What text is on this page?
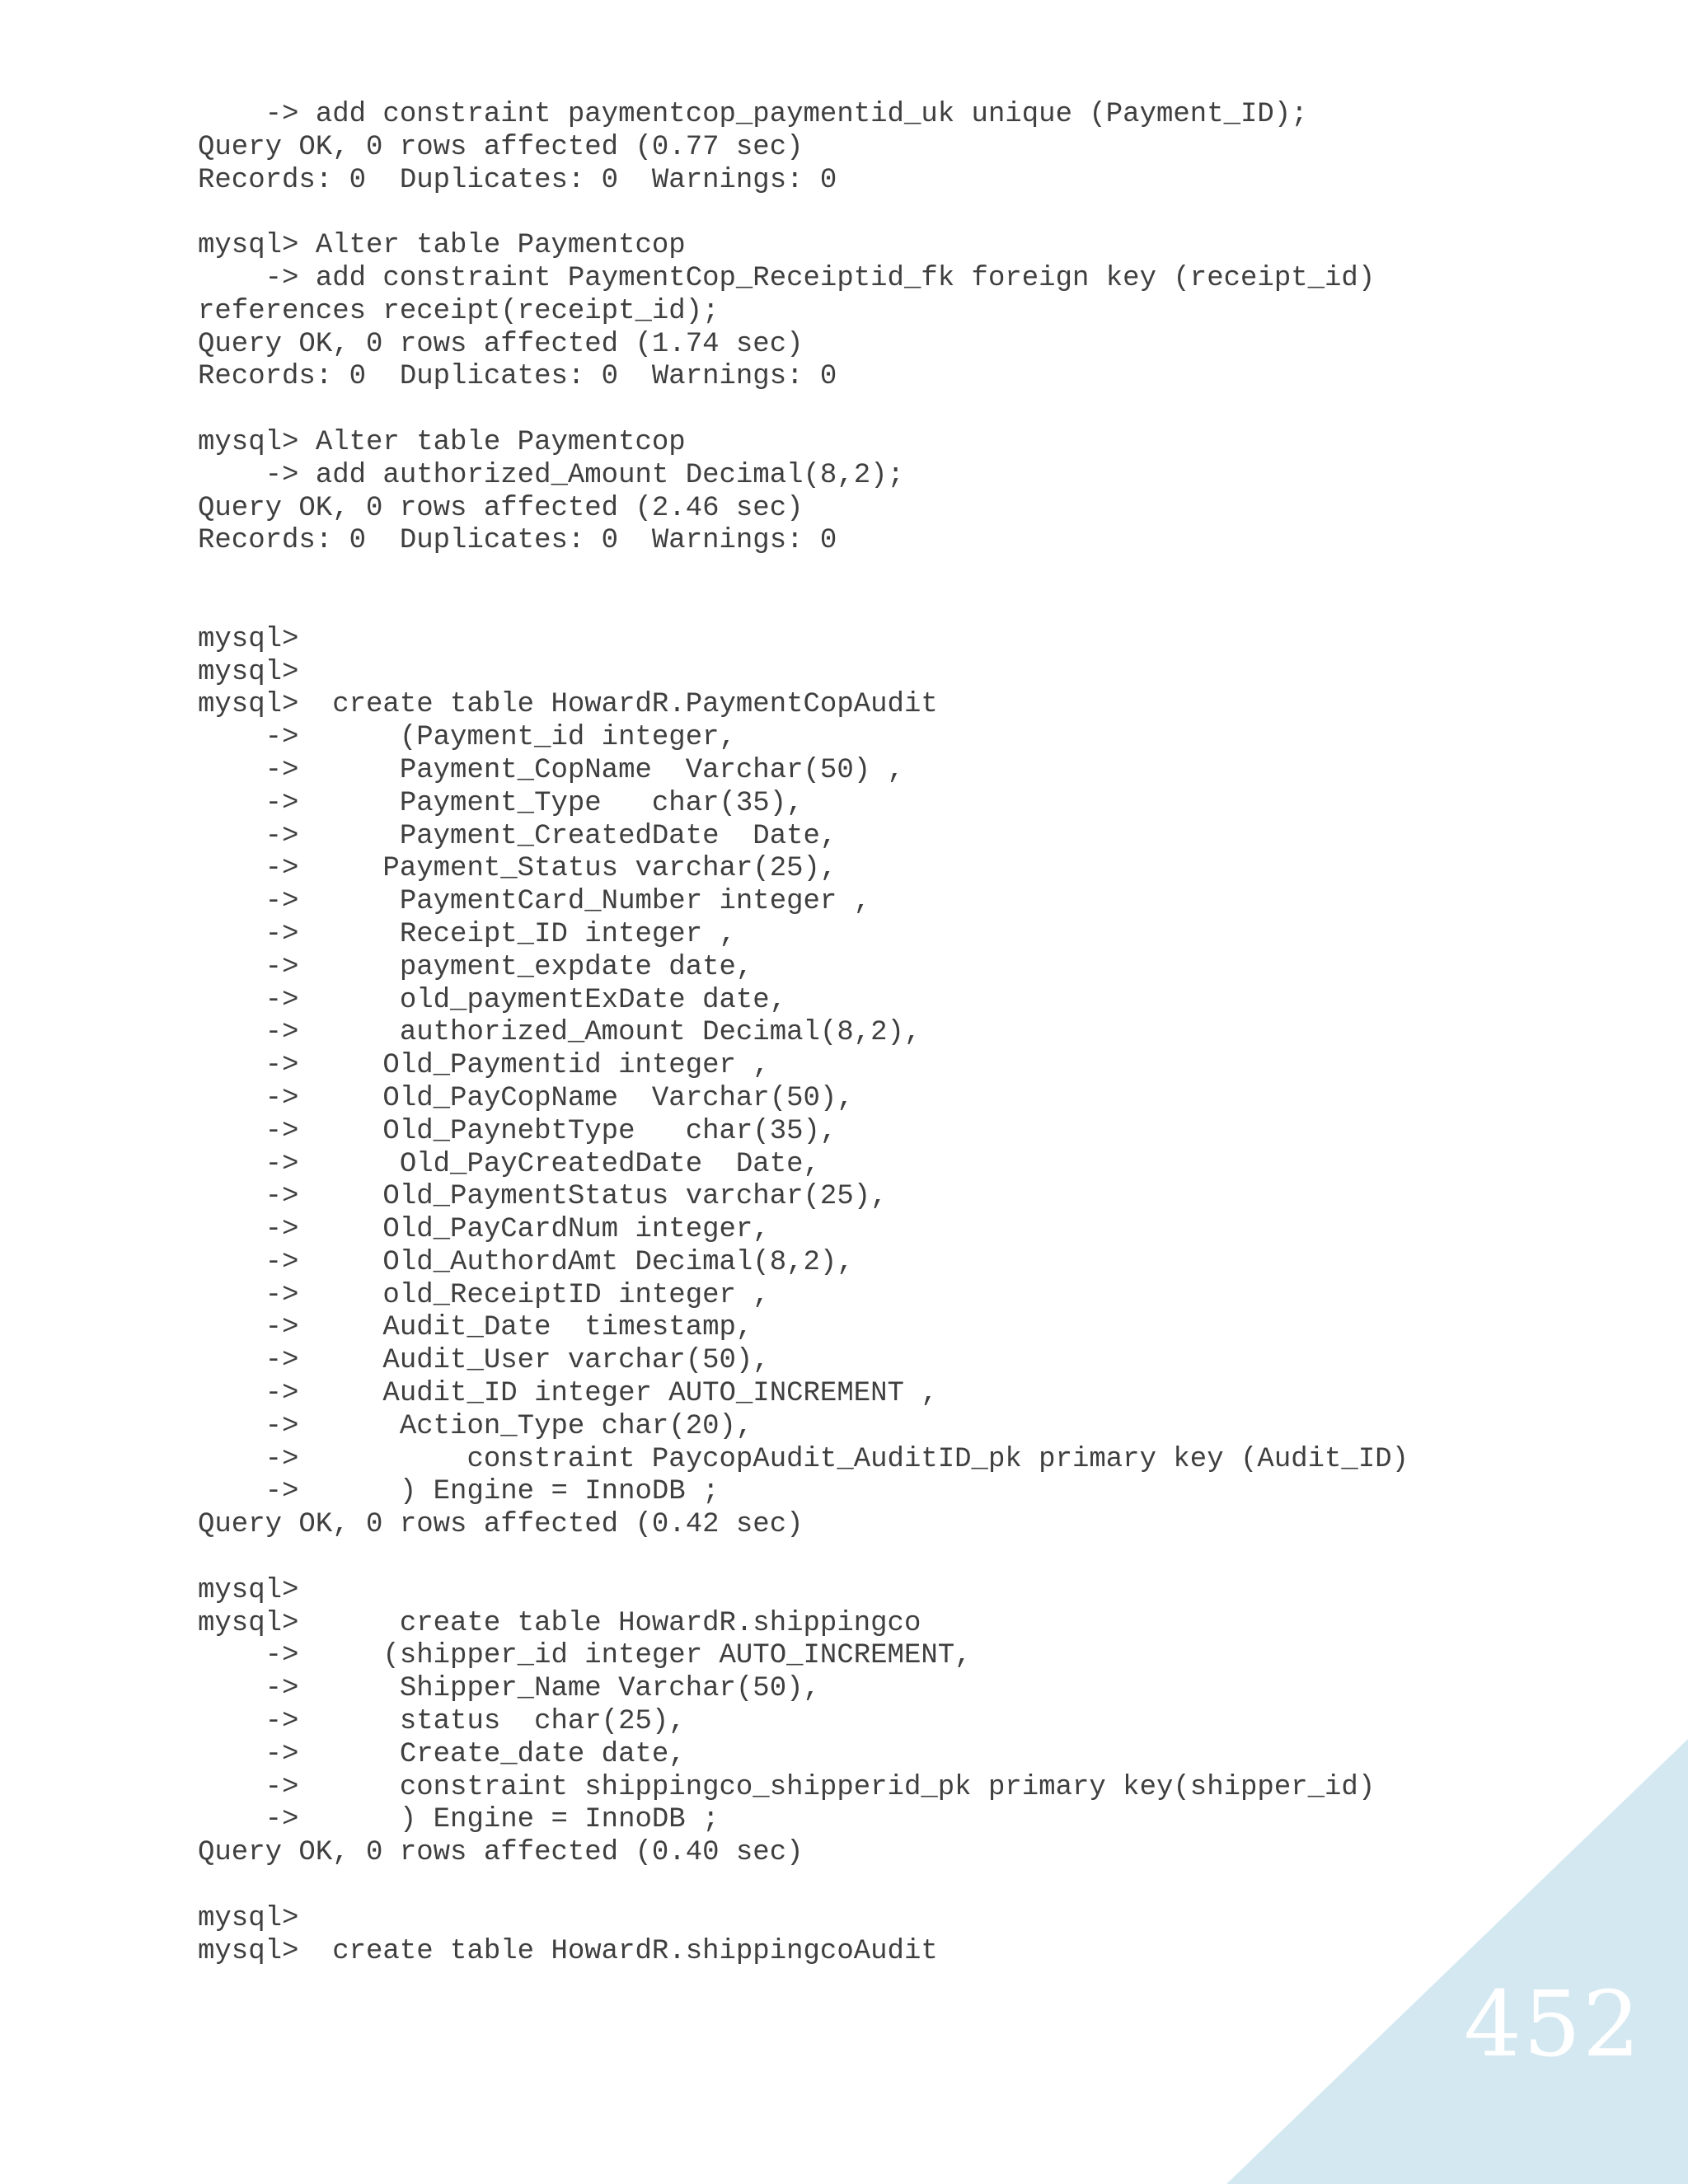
-> add constraint paymentcop_paymentid_uk unique (Payment_ID);
Query OK, 0 rows affected (0.77 sec)
Records: 0  Duplicates: 0  Warnings: 0
mysql> Alter table Paymentcop
-> add constraint PaymentCop_Receiptid_fk foreign key (receipt_id)
references receipt(receipt_id);
Query OK, 0 rows affected (1.74 sec)
Records: 0  Duplicates: 0  Warnings: 0
mysql> Alter table Paymentcop
-> add authorized_Amount Decimal(8,2);
Query OK, 0 rows affected (2.46 sec)
Records: 0  Duplicates: 0  Warnings: 0
mysql>
mysql>
mysql>  create table HowardR.PaymentCopAudit
->      (Payment_id integer,
->      Payment_CopName  Varchar(50) ,
->      Payment_Type   char(35),
->      Payment_CreatedDate  Date,
->     Payment_Status varchar(25),
->      PaymentCard_Number integer ,
->      Receipt_ID integer ,
->      payment_expdate date,
->      old_paymentExDate date,
->      authorized_Amount Decimal(8,2),
->     Old_Paymentid integer ,
->     Old_PayCopName  Varchar(50),
->     Old_PaynebtType   char(35),
->      Old_PayCreatedDate  Date,
->     Old_PaymentStatus varchar(25),
->     Old_PayCardNum integer,
->     Old_AuthordAmt Decimal(8,2),
->     old_ReceiptID integer ,
->     Audit_Date  timestamp,
->     Audit_User varchar(50),
->     Audit_ID integer AUTO_INCREMENT ,
->      Action_Type char(20),
->          constraint PaycopAudit_AuditID_pk primary key (Audit_ID)
->      ) Engine = InnoDB ;
Query OK, 0 rows affected (0.42 sec)
mysql>
mysql>      create table HowardR.shippingco
->     (shipper_id integer AUTO_INCREMENT,
->      Shipper_Name Varchar(50),
->      status  char(25),
->      Create_date date,
->      constraint shippingco_shipperid_pk primary key(shipper_id)
->      ) Engine = InnoDB ;
Query OK, 0 rows affected (0.40 sec)
mysql>
mysql>  create table HowardR.shippingcoAudit
452
